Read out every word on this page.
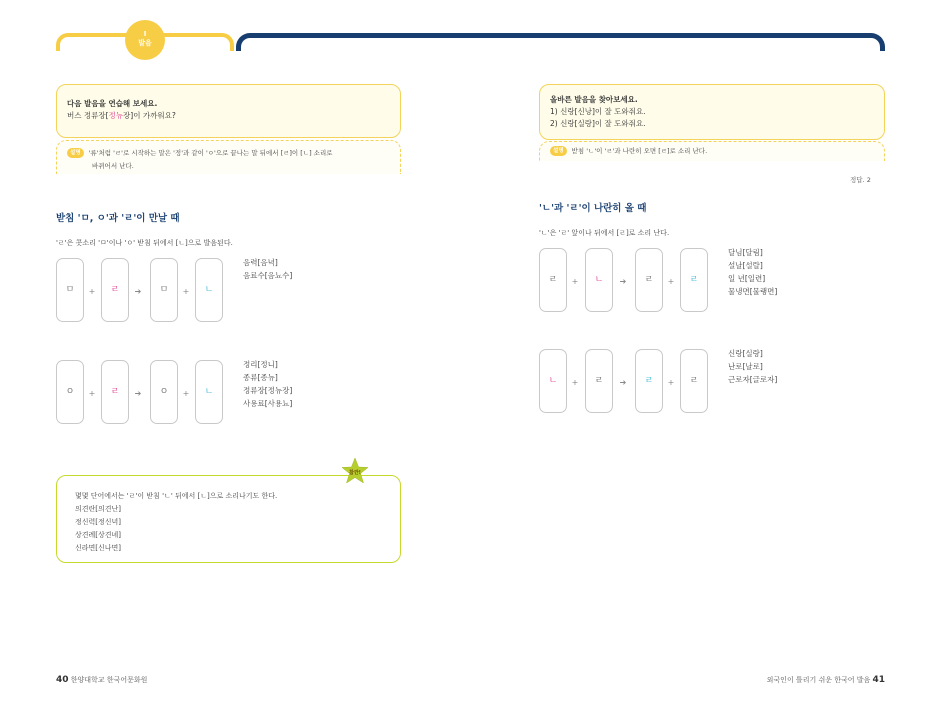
Ⅰ
발음
다음 발음을 연습해 보세요.
버스 정류장[정뉴장]이 가까워요?
설명 '류'처럼 'ㄹ'로 시작하는 말은 '정'과 같이 'ㅇ'으로 끝나는 말 뒤에서 [ㄹ]이 [ㄴ] 소리로
바뀌어서 난다.
올바른 발음을 찾아보세요.
1) 신랑[신낭]이 잘 도와줘요.
2) 신랑[실랑]이 잘 도와줘요.
설명 받침 'ㄴ'이 'ㄹ'과 나란히 오면 [ㄹ]로 소리 난다.
정답. 2
받침 'ㅁ, ㅇ'과 'ㄹ'이 만날 때
'ㄹ'은 콧소리 'ㅁ'이나 'ㅇ' 받침 뒤에서 [ㄴ]으로 발음된다.
ㅁ	+	ㄹ	➔	ㅁ	+	ㄴ
음력[음녁]
음료수[음뇨수]
ㅇ	+	ㄹ	➔	ㅇ	+	ㄴ
정리[정니]
종류[종뉴]
정류장[정뉴장]
사용료[사용뇨]
'ㄴ'과 'ㄹ'이 나란히 올 때
'ㄴ'은 'ㄹ' 앞이나 뒤에서 [ㄹ]로 소리 난다.
ㄹ	+	ㄴ	➔	ㄹ	+	ㄹ
달님[달림]
설날[설랄]
일 년[일련]
물냉면[물랭면]
ㄴ	+	ㄹ	➔	ㄹ	+	ㄹ
신랑[실랑]
난로[날로]
근로자[글로자]
몇몇 단어에서는 'ㄹ'이 받침 'ㄴ' 뒤에서 [ㄴ]으로 소리나기도 한다.
의견란[의견난]
정신력[정신녁]
상견례[상견녜]
신라면[신나면]
참깐!
40 한양대학교 한국어문화원	외국인이 틀리기 쉬운 한국어 발음 41
